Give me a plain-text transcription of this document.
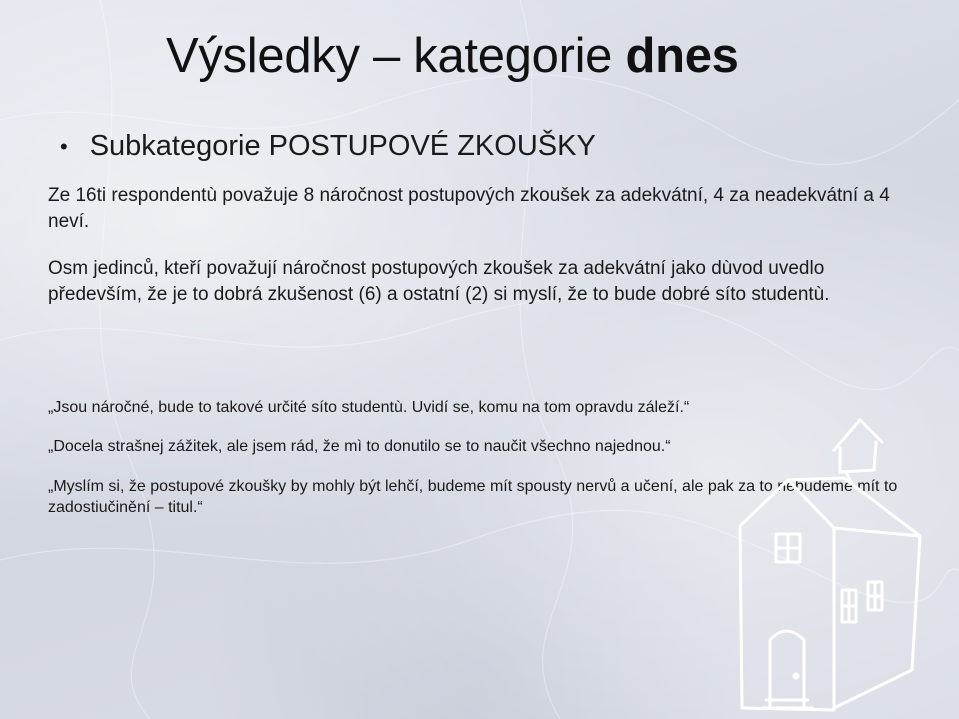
Výsledky – kategorie dnes

• Subkategorie POSTUPOVÉ ZKOUŠKY

Ze 16ti respondentù považuje 8 náročnost postupových zkoušek za adekvátní, 4 za neadekvátní a 4 neví.

Osm jedinců, kteří považují náročnost postupových zkoušek za adekvátní jako dùvod uvedlo především, že je to dobrá zkušenost (6) a ostatní (2) si myslí, že to bude dobré síto studentù.

„Jsou náročné, bude to takové určité síto studentù. Uvidí se, komu na tom opravdu záleží.“

„Docela strašnej zážitek, ale jsem rád, že mì to donutilo se to naučit všechno najednou.“

„Myslím si, že postupové zkoušky by mohly být lehčí, budeme mít spousty nervů a učení, ale pak za to nebudeme mít to zadostiučinění – titul.“
